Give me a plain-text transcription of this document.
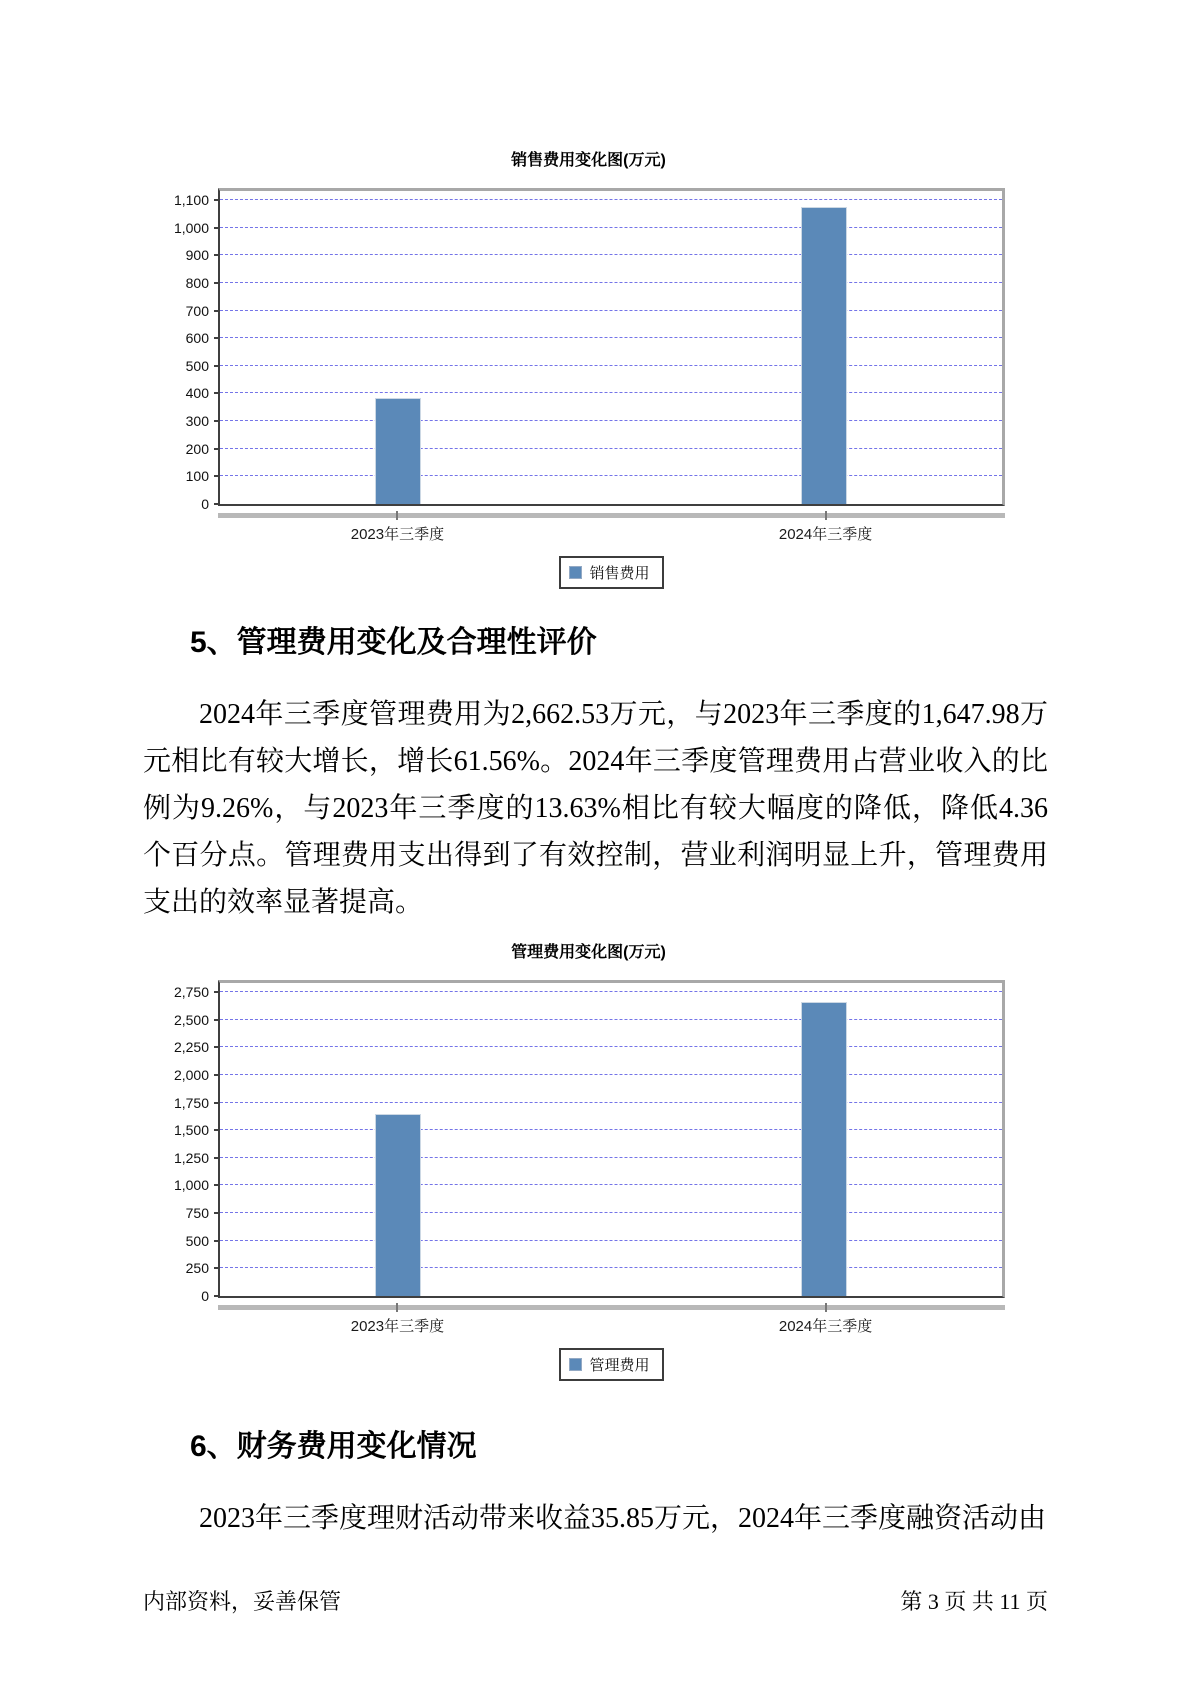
销售费用变化图(万元)
0
100
200
300
400
500
600
700
800
900
1,000
1,100
2023年三季度	2024年三季度
销售费用
5、管理费用变化及合理性评价

2024年三季度管理费用为2,662.53万元，与2023年三季度的1,647.98万元相比有较大增长，增长61.56%。2024年三季度管理费用占营业收入的比例为9.26%，与2023年三季度的13.63%相比有较大幅度的降低，降低4.36个百分点。管理费用支出得到了有效控制，营业利润明显上升，管理费用支出的效率显著提高。

管理费用变化图(万元)
0
250
500
750
1,000
1,250
1,500
1,750
2,000
2,250
2,500
2,750
2023年三季度	2024年三季度
管理费用
6、财务费用变化情况

2023年三季度理财活动带来收益35.85万元，2024年三季度融资活动由

内部资料，妥善保管	第 3 页 共 11 页
